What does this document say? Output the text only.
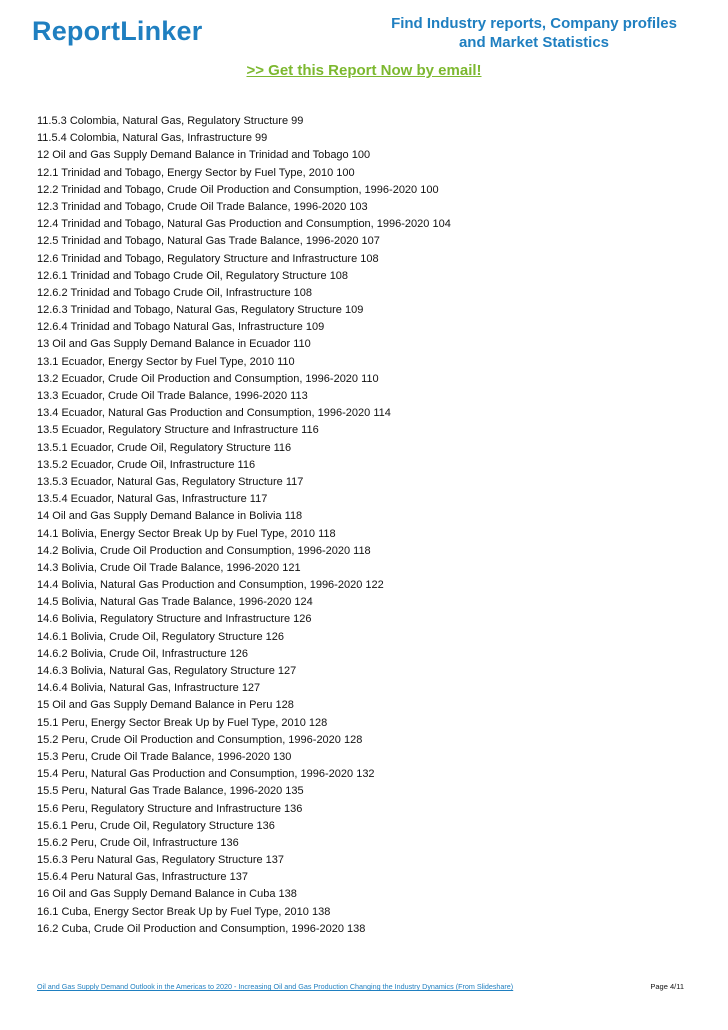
ReportLinker	Find Industry reports, Company profiles
and Market Statistics
>> Get this Report Now by email!
11.5.3 Colombia, Natural Gas, Regulatory Structure 99
11.5.4 Colombia, Natural Gas, Infrastructure 99
12 Oil and Gas Supply Demand Balance in Trinidad and Tobago 100
12.1 Trinidad and Tobago, Energy Sector by Fuel Type, 2010 100
12.2 Trinidad and Tobago, Crude Oil Production and Consumption, 1996-2020 100
12.3 Trinidad and Tobago, Crude Oil Trade Balance, 1996-2020 103
12.4 Trinidad and Tobago, Natural Gas Production and Consumption, 1996-2020 104
12.5 Trinidad and Tobago, Natural Gas Trade Balance, 1996-2020 107
12.6 Trinidad and Tobago, Regulatory Structure and Infrastructure 108
12.6.1 Trinidad and Tobago Crude Oil, Regulatory Structure 108
12.6.2 Trinidad and Tobago Crude Oil, Infrastructure 108
12.6.3 Trinidad and Tobago, Natural Gas, Regulatory Structure 109
12.6.4 Trinidad and Tobago Natural Gas, Infrastructure 109
13 Oil and Gas Supply Demand Balance in Ecuador 110
13.1 Ecuador, Energy Sector by Fuel Type, 2010 110
13.2 Ecuador, Crude Oil Production and Consumption, 1996-2020 110
13.3 Ecuador, Crude Oil Trade Balance, 1996-2020 113
13.4 Ecuador, Natural Gas Production and Consumption, 1996-2020 114
13.5 Ecuador, Regulatory Structure and Infrastructure 116
13.5.1 Ecuador, Crude Oil, Regulatory Structure 116
13.5.2 Ecuador, Crude Oil, Infrastructure 116
13.5.3 Ecuador, Natural Gas, Regulatory Structure 117
13.5.4 Ecuador, Natural Gas, Infrastructure 117
14 Oil and Gas Supply Demand Balance in Bolivia 118
14.1 Bolivia, Energy Sector Break Up by Fuel Type, 2010 118
14.2 Bolivia, Crude Oil Production and Consumption, 1996-2020 118
14.3 Bolivia, Crude Oil Trade Balance, 1996-2020 121
14.4 Bolivia, Natural Gas Production and Consumption, 1996-2020 122
14.5 Bolivia, Natural Gas Trade Balance, 1996-2020 124
14.6 Bolivia, Regulatory Structure and Infrastructure 126
14.6.1 Bolivia, Crude Oil, Regulatory Structure 126
14.6.2 Bolivia, Crude Oil, Infrastructure 126
14.6.3 Bolivia, Natural Gas, Regulatory Structure 127
14.6.4 Bolivia, Natural Gas, Infrastructure 127
15 Oil and Gas Supply Demand Balance in Peru 128
15.1 Peru, Energy Sector Break Up by Fuel Type, 2010 128
15.2 Peru, Crude Oil Production and Consumption, 1996-2020 128
15.3 Peru, Crude Oil Trade Balance, 1996-2020 130
15.4 Peru, Natural Gas Production and Consumption, 1996-2020 132
15.5 Peru, Natural Gas Trade Balance, 1996-2020 135
15.6 Peru, Regulatory Structure and Infrastructure 136
15.6.1 Peru, Crude Oil, Regulatory Structure 136
15.6.2 Peru, Crude Oil, Infrastructure 136
15.6.3 Peru Natural Gas, Regulatory Structure 137
15.6.4 Peru Natural Gas, Infrastructure 137
16 Oil and Gas Supply Demand Balance in Cuba 138
16.1 Cuba, Energy Sector Break Up by Fuel Type, 2010 138
16.2 Cuba, Crude Oil Production and Consumption, 1996-2020 138
Oil and Gas Supply Demand Outlook in the Americas to 2020 - Increasing Oil and Gas Production Changing the Industry Dynamics (From Slideshare)	Page 4/11
